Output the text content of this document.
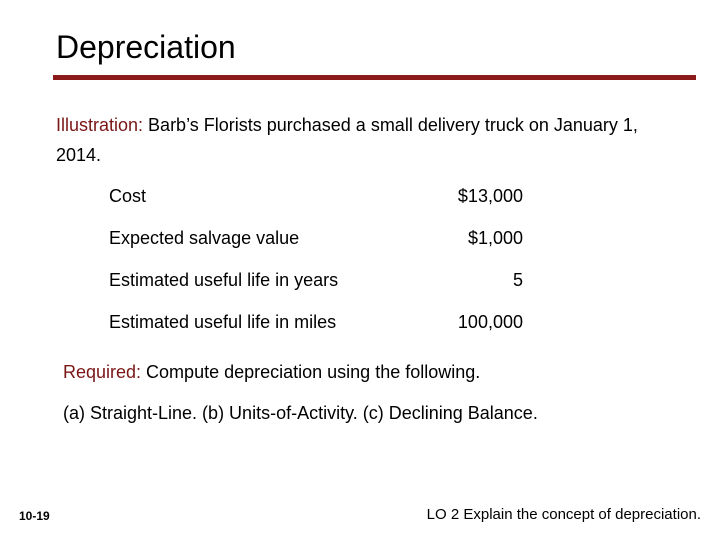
Depreciation
Illustration: Barb’s Florists purchased a small delivery truck on January 1, 2014.
Cost	$13,000
Expected salvage value	$1,000
Estimated useful life in years	5
Estimated useful life in miles	100,000
Required: Compute depreciation using the following.
(a) Straight-Line. (b) Units-of-Activity. (c) Declining Balance.
10-19	LO 2 Explain the concept of depreciation.
